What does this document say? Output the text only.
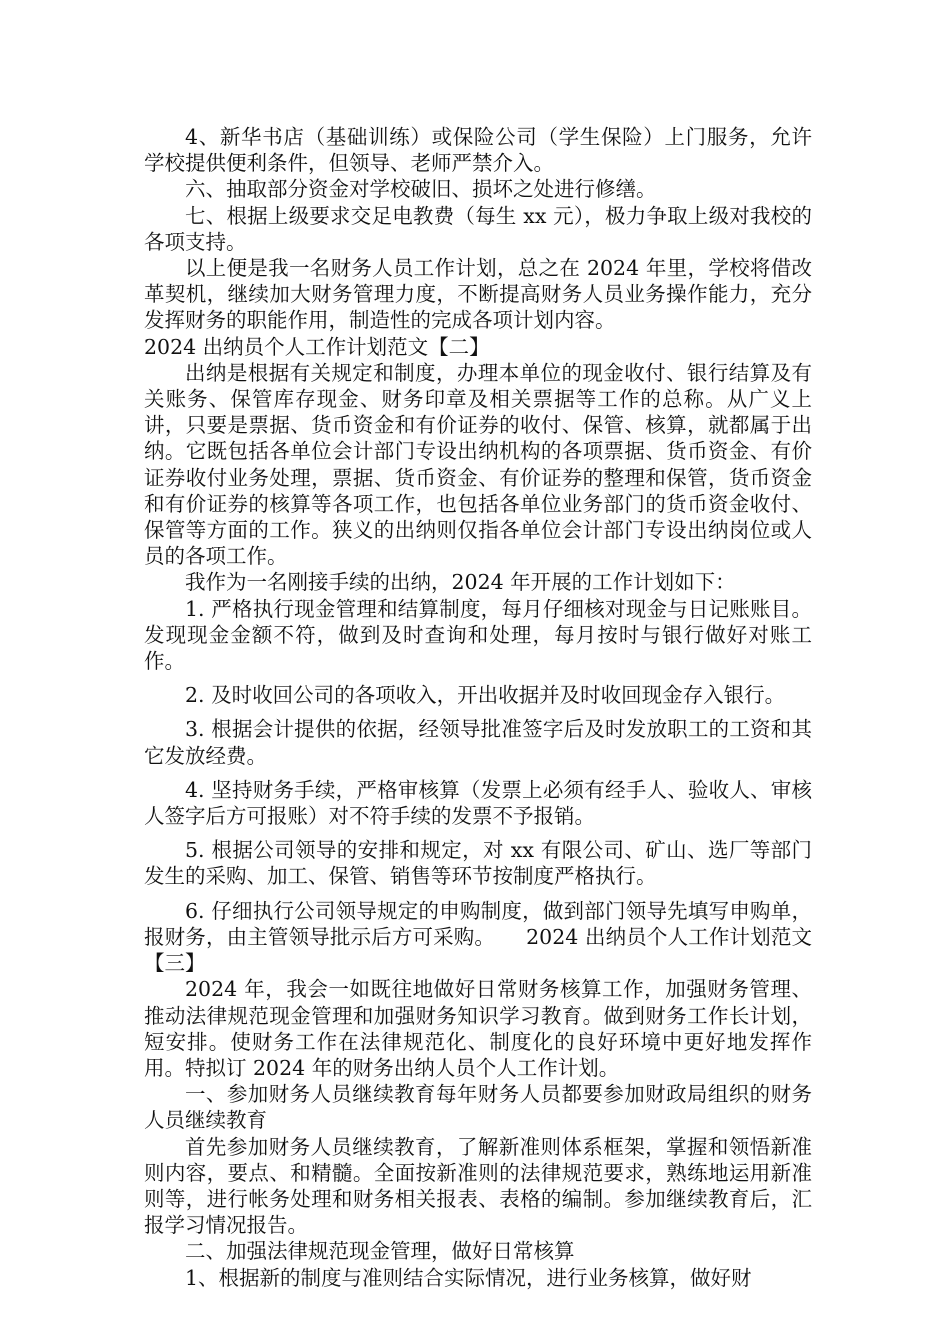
4、新华书店（基础训练）或保险公司（学生保险）上门服务，允许学校提供便利条件，但领导、老师严禁介入。

六、抽取部分资金对学校破旧、损坏之处进行修缮。

七、根据上级要求交足电教费（每生 xx 元），极力争取上级对我校的各项支持。

以上便是我一名财务人员工作计划，总之在 2024 年里，学校将借改革契机，继续加大财务管理力度，不断提高财务人员业务操作能力，充分发挥财务的职能作用，制造性的完成各项计划内容。

2024 出纳员个人工作计划范文【二】

出纳是根据有关规定和制度，办理本单位的现金收付、银行结算及有关账务、保管库存现金、财务印章及相关票据等工作的总称。从广义上讲，只要是票据、货币资金和有价证券的收付、保管、核算，就都属于出纳。它既包括各单位会计部门专设出纳机构的各项票据、货币资金、有价证券收付业务处理，票据、货币资金、有价证券的整理和保管，货币资金和有价证券的核算等各项工作，也包括各单位业务部门的货币资金收付、保管等方面的工作。狭义的出纳则仅指各单位会计部门专设出纳岗位或人员的各项工作。

我作为一名刚接手续的出纳，2024 年开展的工作计划如下：

1. 严格执行现金管理和结算制度，每月仔细核对现金与日记账账目。发现现金金额不符，做到及时查询和处理，每月按时与银行做好对账工作。

2. 及时收回公司的各项收入，开出收据并及时收回现金存入银行。

3. 根据会计提供的依据，经领导批准签字后及时发放职工的工资和其它发放经费。

4. 坚持财务手续，严格审核算（发票上必须有经手人、验收人、审核人签字后方可报账）对不符手续的发票不予报销。

5. 根据公司领导的安排和规定，对 xx 有限公司、矿山、选厂等部门发生的采购、加工、保管、销售等环节按制度严格执行。

6. 仔细执行公司领导规定的申购制度，做到部门领导先填写申购单，报财务，由主管领导批示后方可采购。　　2024 出纳员个人工作计划范文【三】

2024 年，我会一如既往地做好日常财务核算工作，加强财务管理、推动法律规范现金管理和加强财务知识学习教育。做到财务工作长计划，短安排。使财务工作在法律规范化、制度化的良好环境中更好地发挥作用。特拟订 2024 年的财务出纳人员个人工作计划。

一、参加财务人员继续教育每年财务人员都要参加财政局组织的财务人员继续教育

首先参加财务人员继续教育，了解新准则体系框架，掌握和领悟新准则内容，要点、和精髓。全面按新准则的法律规范要求，熟练地运用新准则等，进行帐务处理和财务相关报表、表格的编制。参加继续教育后，汇报学习情况报告。

二、加强法律规范现金管理，做好日常核算

1、根据新的制度与准则结合实际情况，进行业务核算，做好财
